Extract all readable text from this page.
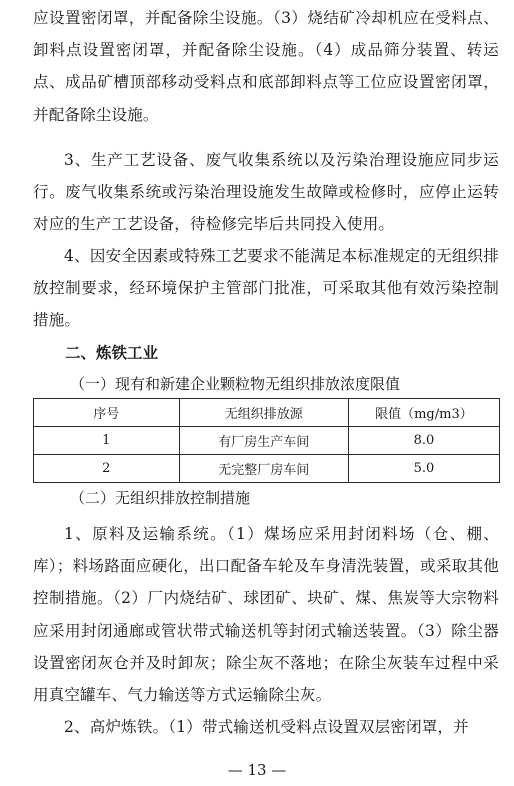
应设置密闭罩，并配备除尘设施。（3）烧结矿冷却机应在受料点、卸料点设置密闭罩，并配备除尘设施。（4）成品筛分装置、转运点、成品矿槽顶部移动受料点和底部卸料点等工位应设置密闭罩，并配备除尘设施。

3、生产工艺设备、废气收集系统以及污染治理设施应同步运行。废气收集系统或污染治理设施发生故障或检修时，应停止运转对应的生产工艺设备，待检修完毕后共同投入使用。

4、因安全因素或特殊工艺要求不能满足本标准规定的无组织排放控制要求，经环境保护主管部门批准，可采取其他有效污染控制措施。

二、炼铁工业

（一）现有和新建企业颗粒物无组织排放浓度限值

序号	无组织排放源	限值（mg/m3）
1	有厂房生产车间	8.0
2	无完整厂房车间	5.0

（二）无组织排放控制措施

1、原料及运输系统。（1）煤场应采用封闭料场（仓、棚、库）；料场路面应硬化，出口配备车轮及车身清洗装置，或采取其他控制措施。（2）厂内烧结矿、球团矿、块矿、煤、焦炭等大宗物料应采用封闭通廊或管状带式输送机等封闭式输送装置。（3）除尘器设置密闭灰仓并及时卸灰；除尘灰不落地；在除尘灰装车过程中采用真空罐车、气力输送等方式运输除尘灰。

2、高炉炼铁。（1）带式输送机受料点设置双层密闭罩，并

— 13 —
